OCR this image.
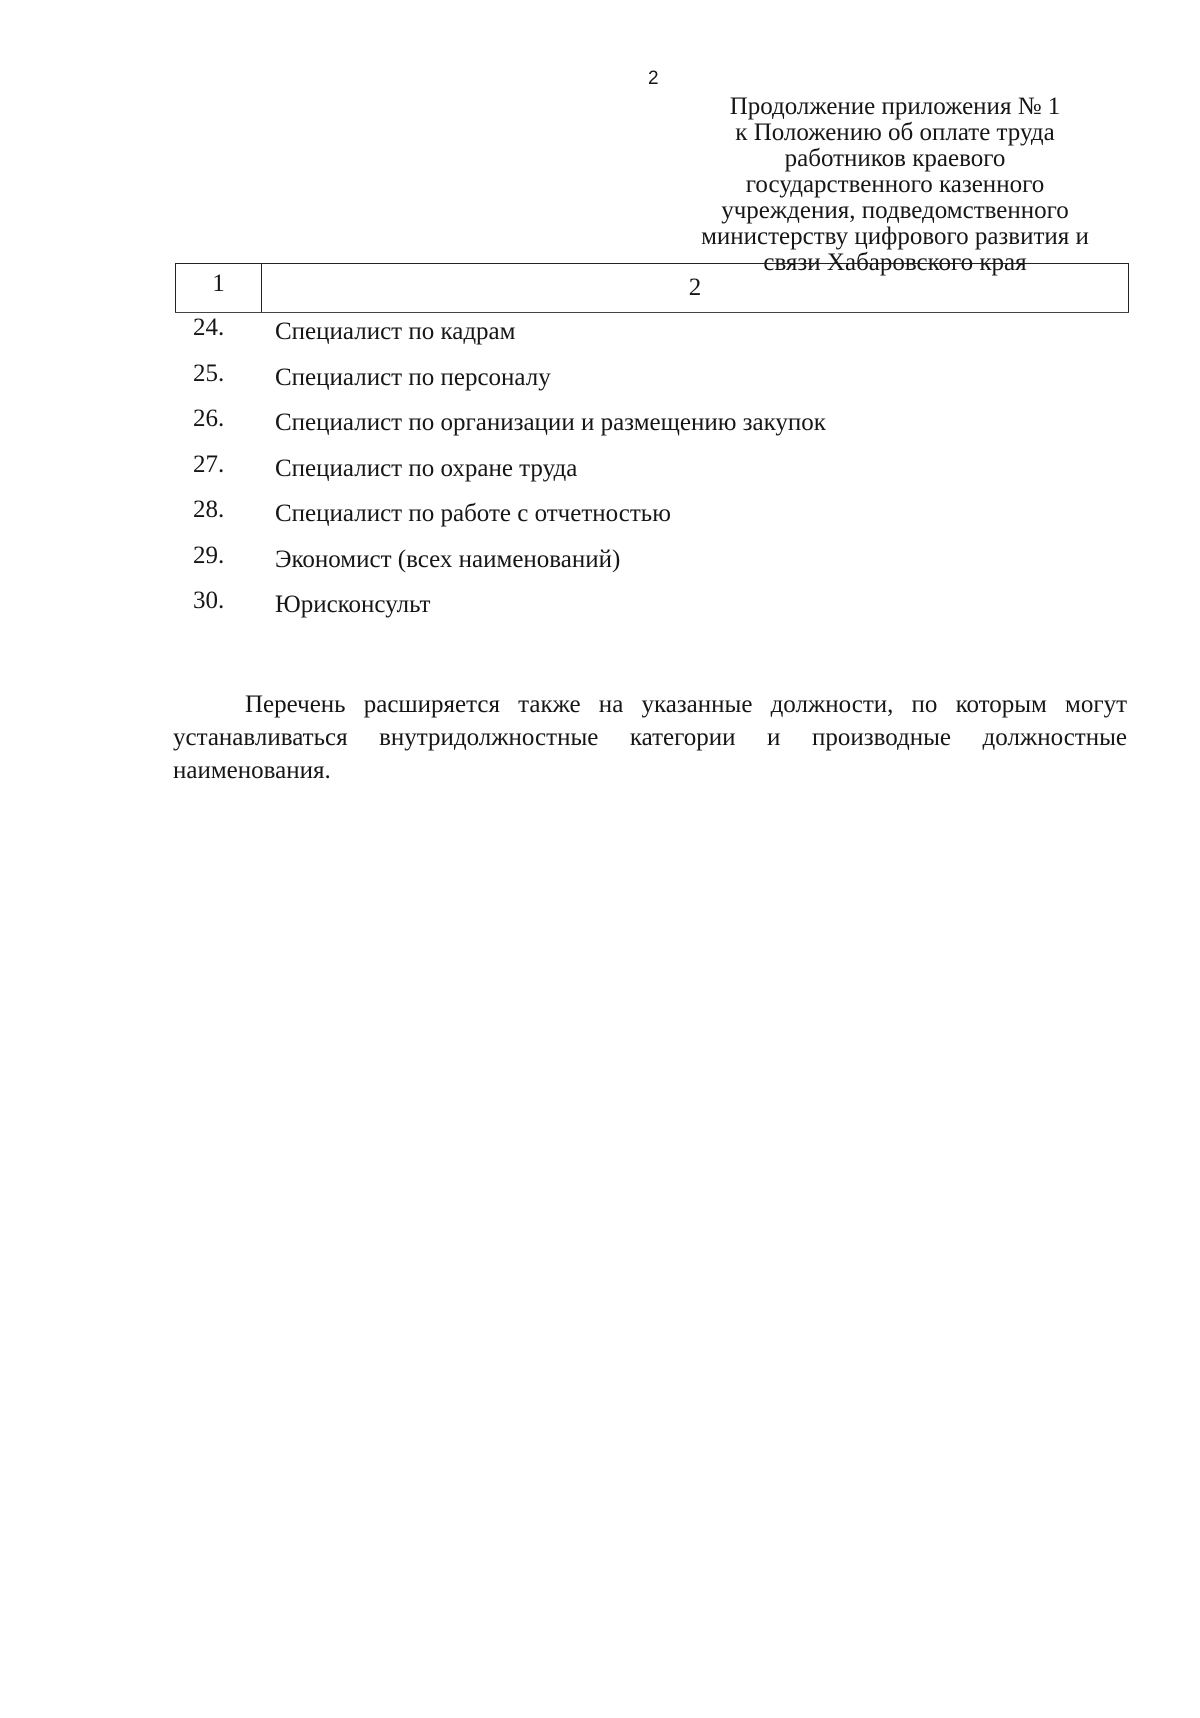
2
Продолжение приложения № 1
к Положению об оплате труда
работников краевого
государственного казенного
учреждения, подведомственного
министерству цифрового развития и
связи Хабаровского края
1	2
24. Специалист по кадрам
25. Специалист по персоналу
26. Специалист по организации и размещению закупок
27. Специалист по охране труда
28. Специалист по работе с отчетностью
29. Экономист (всех наименований)
30. Юрисконсульт

Перечень расширяется также на указанные должности, по которым могут устанавливаться внутридолжностные категории и производные должностные наименования.
